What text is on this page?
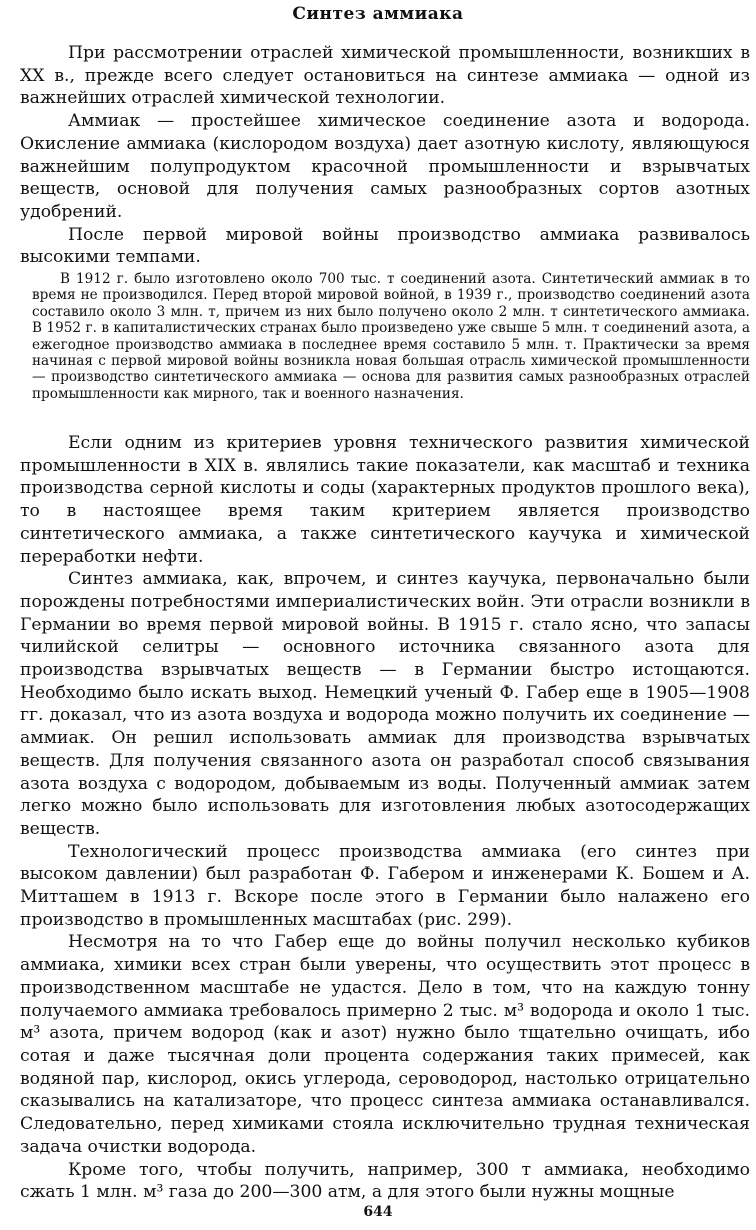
Синтез аммиака

При рассмотрении отраслей химической промышленности, возникших в XX в., прежде всего следует остановиться на синтезе аммиака — одной из важнейших отраслей химической технологии.

Аммиак — простейшее химическое соединение азота и водорода. Окисление аммиака (кислородом воздуха) дает азотную кислоту, являющуюся важнейшим полупродуктом красочной промышленности и взрывчатых веществ, основой для получения самых разнообразных сортов азотных удобрений.

После первой мировой войны производство аммиака развивалось высокими темпами.

В 1912 г. было изготовлено около 700 тыс. т соединений азота. Синтетический аммиак в то время не производился. Перед второй мировой войной, в 1939 г., производство соединений азота составило около 3 млн. т, причем из них было получено около 2 млн. т синтетического аммиака. В 1952 г. в капиталистических странах было произведено уже свыше 5 млн. т соединений азота, а ежегодное производство аммиака в последнее время составило 5 млн. т. Практически за время начиная с первой мировой войны возникла новая большая отрасль химической промышленности — производство синтетического аммиака — основа для развития самых разнообразных отраслей промышленности как мирного, так и военного назначения.

Если одним из критериев уровня технического развития химической промышленности в XIX в. являлись такие показатели, как масштаб и техника производства серной кислоты и соды (характерных продуктов прошлого века), то в настоящее время таким критерием является производство синтетического аммиака, а также синтетического каучука и химической переработки нефти.

Синтез аммиака, как, впрочем, и синтез каучука, первоначально были порождены потребностями империалистических войн. Эти отрасли возникли в Германии во время первой мировой войны. В 1915 г. стало ясно, что запасы чилийской селитры — основного источника связанного азота для производства взрывчатых веществ — в Германии быстро истощаются. Необходимо было искать выход. Немецкий ученый Ф. Габер еще в 1905—1908 гг. доказал, что из азота воздуха и водорода можно получить их соединение — аммиак. Он решил использовать аммиак для производства взрывчатых веществ. Для получения связанного азота он разработал способ связывания азота воздуха с водородом, добываемым из воды. Полученный аммиак затем легко можно было использовать для изготовления любых азотосодержащих веществ.

Технологический процесс производства аммиака (его синтез при высоком давлении) был разработан Ф. Габером и инженерами К. Бошем и А. Митташем в 1913 г. Вскоре после этого в Германии было налажено его производство в промышленных масштабах (рис. 299).

Несмотря на то что Габер еще до войны получил несколько кубиков аммиака, химики всех стран были уверены, что осуществить этот процесс в производственном масштабе не удастся. Дело в том, что на каждую тонну получаемого аммиака требовалось примерно 2 тыс. м³ водорода и около 1 тыс. м³ азота, причем водород (как и азот) нужно было тщательно очищать, ибо сотая и даже тысячная доли процента содержания таких примесей, как водяной пар, кислород, окись углерода, сероводород, настолько отрицательно сказывались на катализаторе, что процесс синтеза аммиака останавливался. Следовательно, перед химиками стояла исключительно трудная техническая задача очистки водорода.

Кроме того, чтобы получить, например, 300 т аммиака, необходимо сжать 1 млн. м³ газа до 200—300 атм, а для этого были нужны мощные

644
